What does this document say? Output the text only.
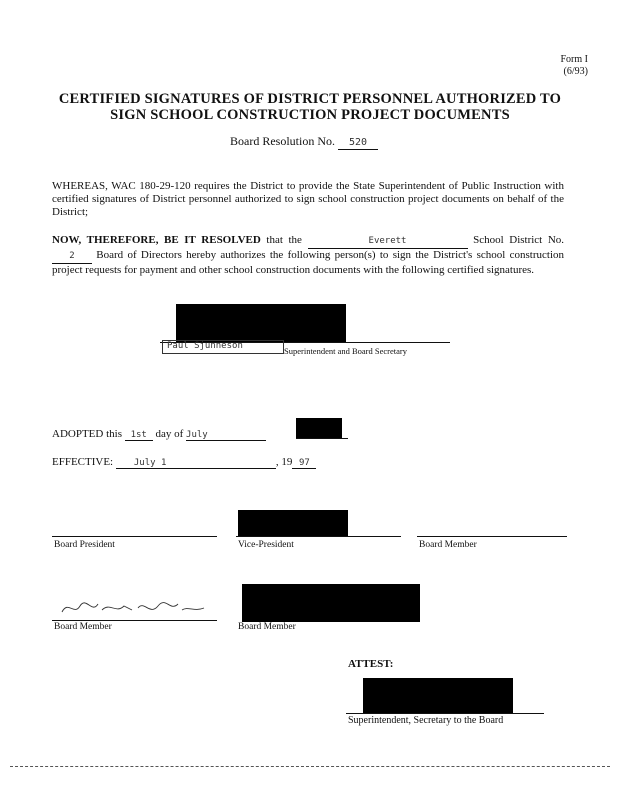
Form I
(6/93)
CERTIFIED SIGNATURES OF DISTRICT PERSONNEL AUTHORIZED TO
SIGN SCHOOL CONSTRUCTION PROJECT DOCUMENTS
Board Resolution No. 520
WHEREAS, WAC 180-29-120 requires the District to provide the State Superintendent of Public Instruction with certified signatures of District personnel authorized to sign school construction project documents on behalf of the District;
NOW, THEREFORE, BE IT RESOLVED that the	Everett	School District No. 2 Board of Directors hereby authorizes the following person(s) to sign the District's school construction project requests for payment and other school construction documents with the following certified signatures.
Paul Sjunneson	Superintendent and Board Secretary
ADOPTED this 1st day of July
EFFECTIVE: July 1	, 19 97
Board President	Vice-President	Board Member
Board Member	Board Member
ATTEST:
Superintendent, Secretary to the Board
